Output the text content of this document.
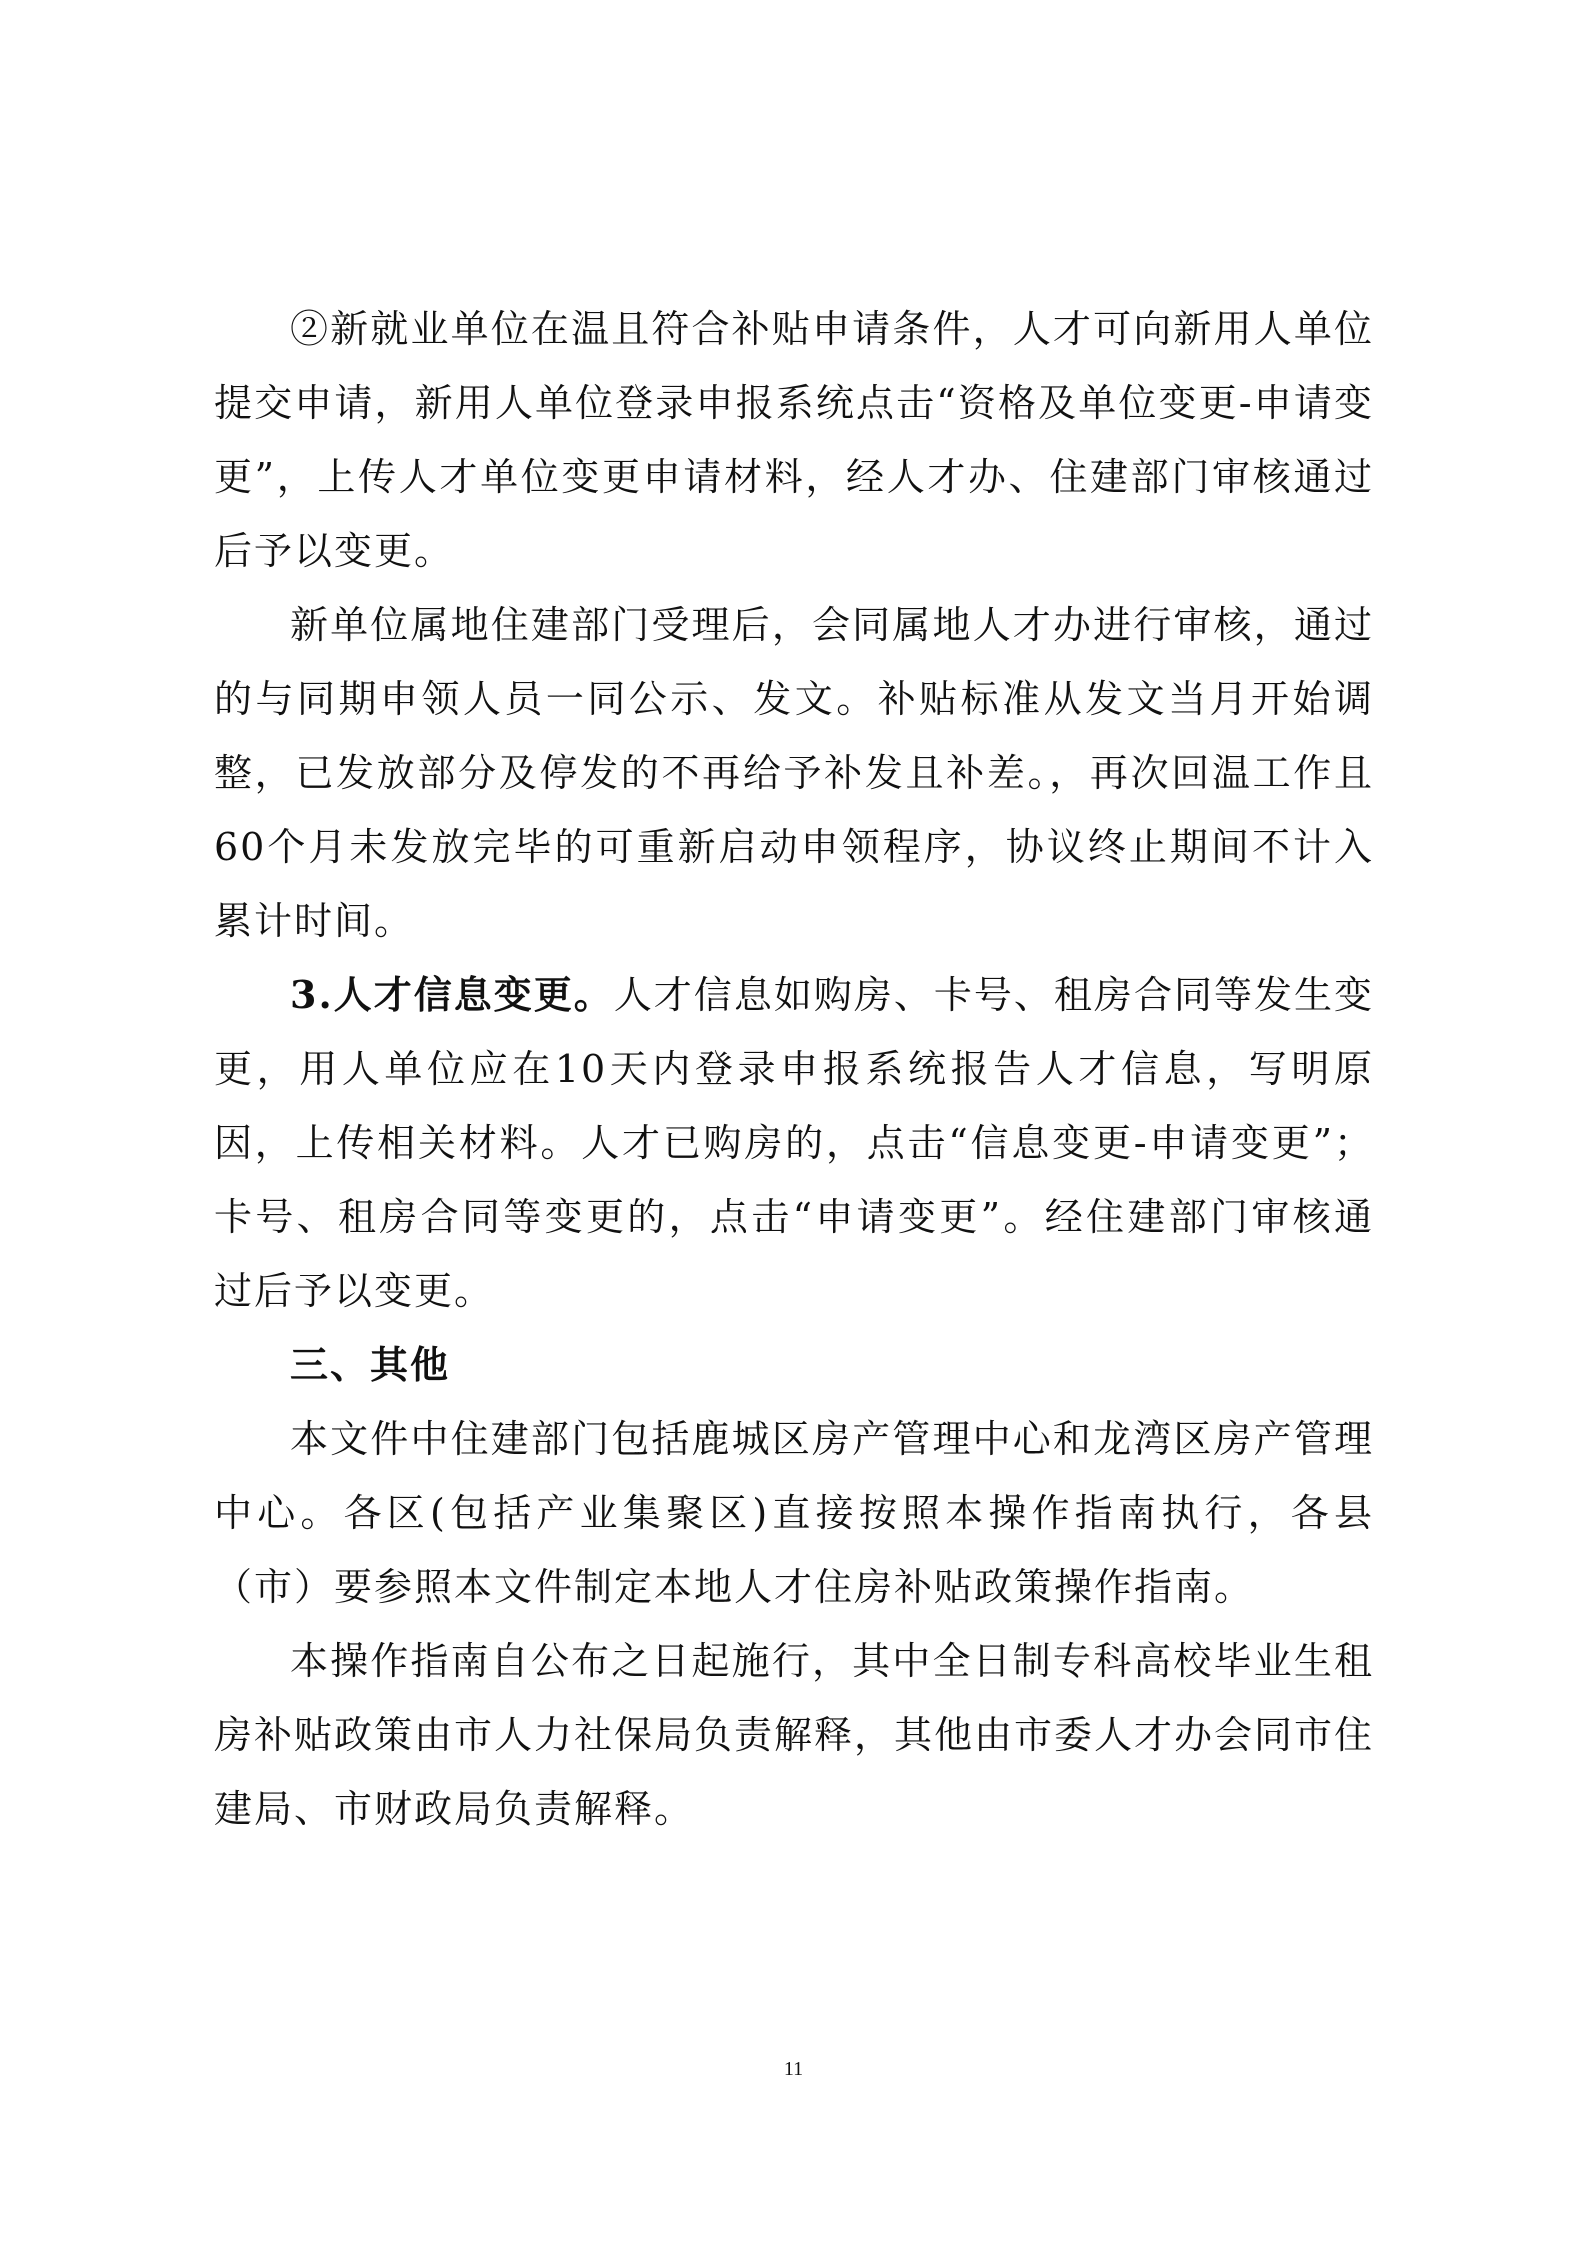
②新就业单位在温且符合补贴申请条件，人才可向新用人单位提交申请，新用人单位登录申报系统点击“资格及单位变更-申请变更”，上传人才单位变更申请材料，经人才办、住建部门审核通过后予以变更。

新单位属地住建部门受理后，会同属地人才办进行审核，通过的与同期申领人员一同公示、发文。补贴标准从发文当月开始调整，已发放部分及停发的不再给予补发且补差。，再次回温工作且60个月未发放完毕的可重新启动申领程序，协议终止期间不计入累计时间。

3.人才信息变更。人才信息如购房、卡号、租房合同等发生变更，用人单位应在10天内登录申报系统报告人才信息，写明原因，上传相关材料。人才已购房的，点击“信息变更-申请变更”；卡号、租房合同等变更的，点击“申请变更”。经住建部门审核通过后予以变更。

三、其他

本文件中住建部门包括鹿城区房产管理中心和龙湾区房产管理中心。各区(包括产业集聚区)直接按照本操作指南执行，各县（市）要参照本文件制定本地人才住房补贴政策操作指南。

本操作指南自公布之日起施行，其中全日制专科高校毕业生租房补贴政策由市人力社保局负责解释，其他由市委人才办会同市住建局、市财政局负责解释。

11
